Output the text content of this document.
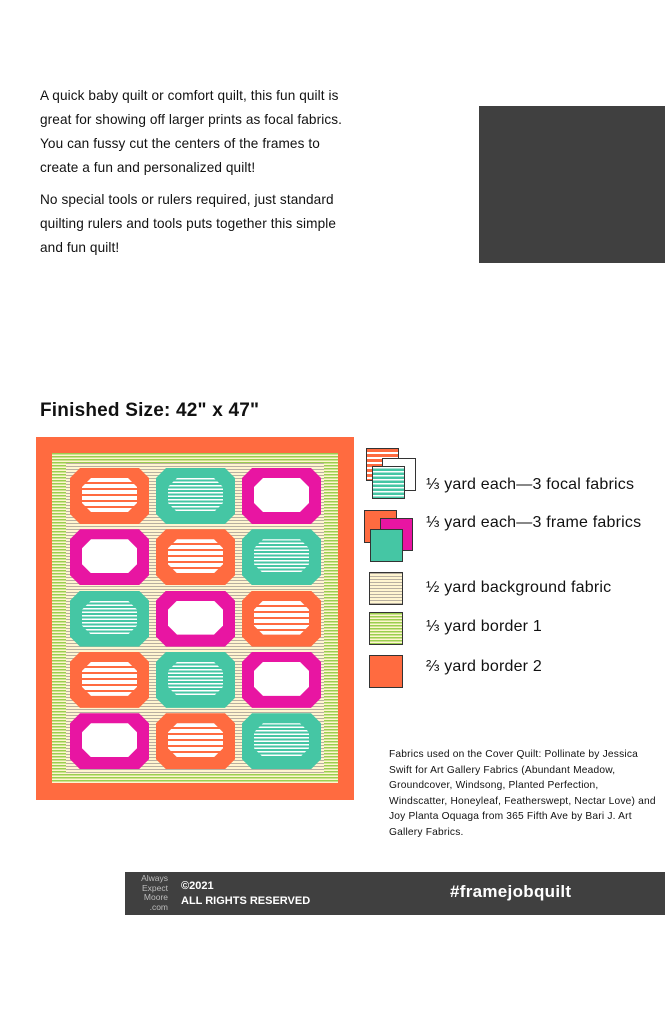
A quick baby quilt or comfort quilt, this fun quilt is great for showing off larger prints as focal fabrics. You can fussy cut the centers of the frames to create a fun and personalized quilt!

No special tools or rulers required, just standard quilting rulers and tools puts together this simple and fun quilt!

Finished Size: 42" x 47"
⅓ yard each—3 focal fabrics
⅓ yard each—3 frame fabrics
½ yard background fabric
⅓ yard border 1
⅔ yard border 2
Fabrics used on the Cover Quilt: Pollinate by Jessica Swift for Art Gallery Fabrics (Abundant Meadow, Groundcover, Windsong, Planted Perfection, Windscatter, Honeyleaf, Featherswept, Nectar Love) and Joy Planta Oquaga from 365 Fifth Ave by Bari J. Art Gallery Fabrics.
Always
Expect
Moore
.com
©2021
ALL RIGHTS RESERVED	#framejobquilt
